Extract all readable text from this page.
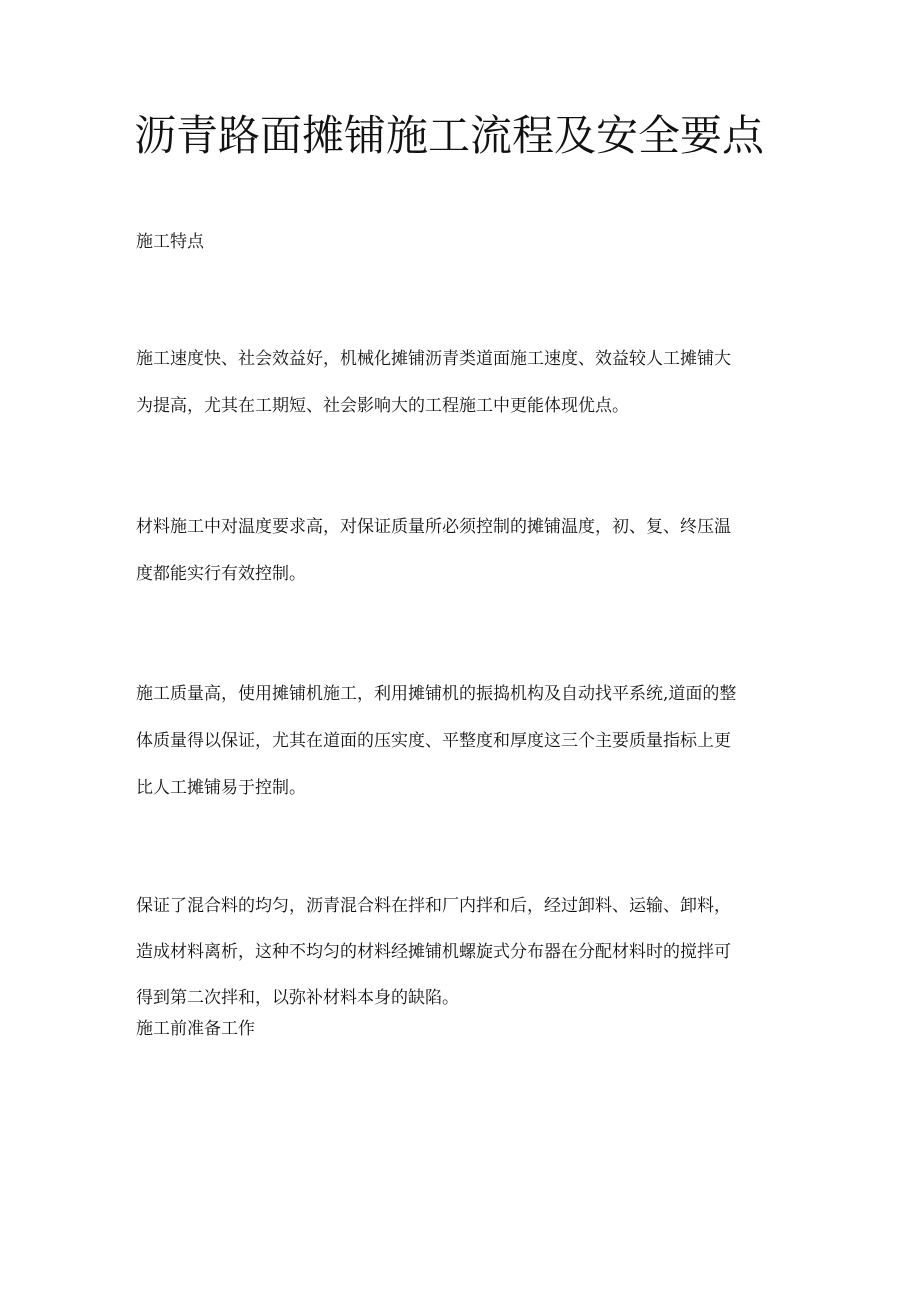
沥青路面摊铺施工流程及安全要点

施工特点

施工速度快、社会效益好，机械化摊铺沥青类道面施工速度、效益较人工摊铺大
为提高，尤其在工期短、社会影响大的工程施工中更能体现优点。
材料施工中对温度要求高，对保证质量所必须控制的摊铺温度，初、复、终压温
度都能实行有效控制。
施工质量高，使用摊铺机施工，利用摊铺机的振捣机构及自动找平系统,道面的整
体质量得以保证，尤其在道面的压实度、平整度和厚度这三个主要质量指标上更
比人工摊铺易于控制。
保证了混合料的均匀，沥青混合料在拌和厂内拌和后，经过卸料、运输、卸料，
造成材料离析，这种不均匀的材料经摊铺机螺旋式分布器在分配材料时的搅拌可
得到第二次拌和，以弥补材料本身的缺陷。

施工前准备工作
